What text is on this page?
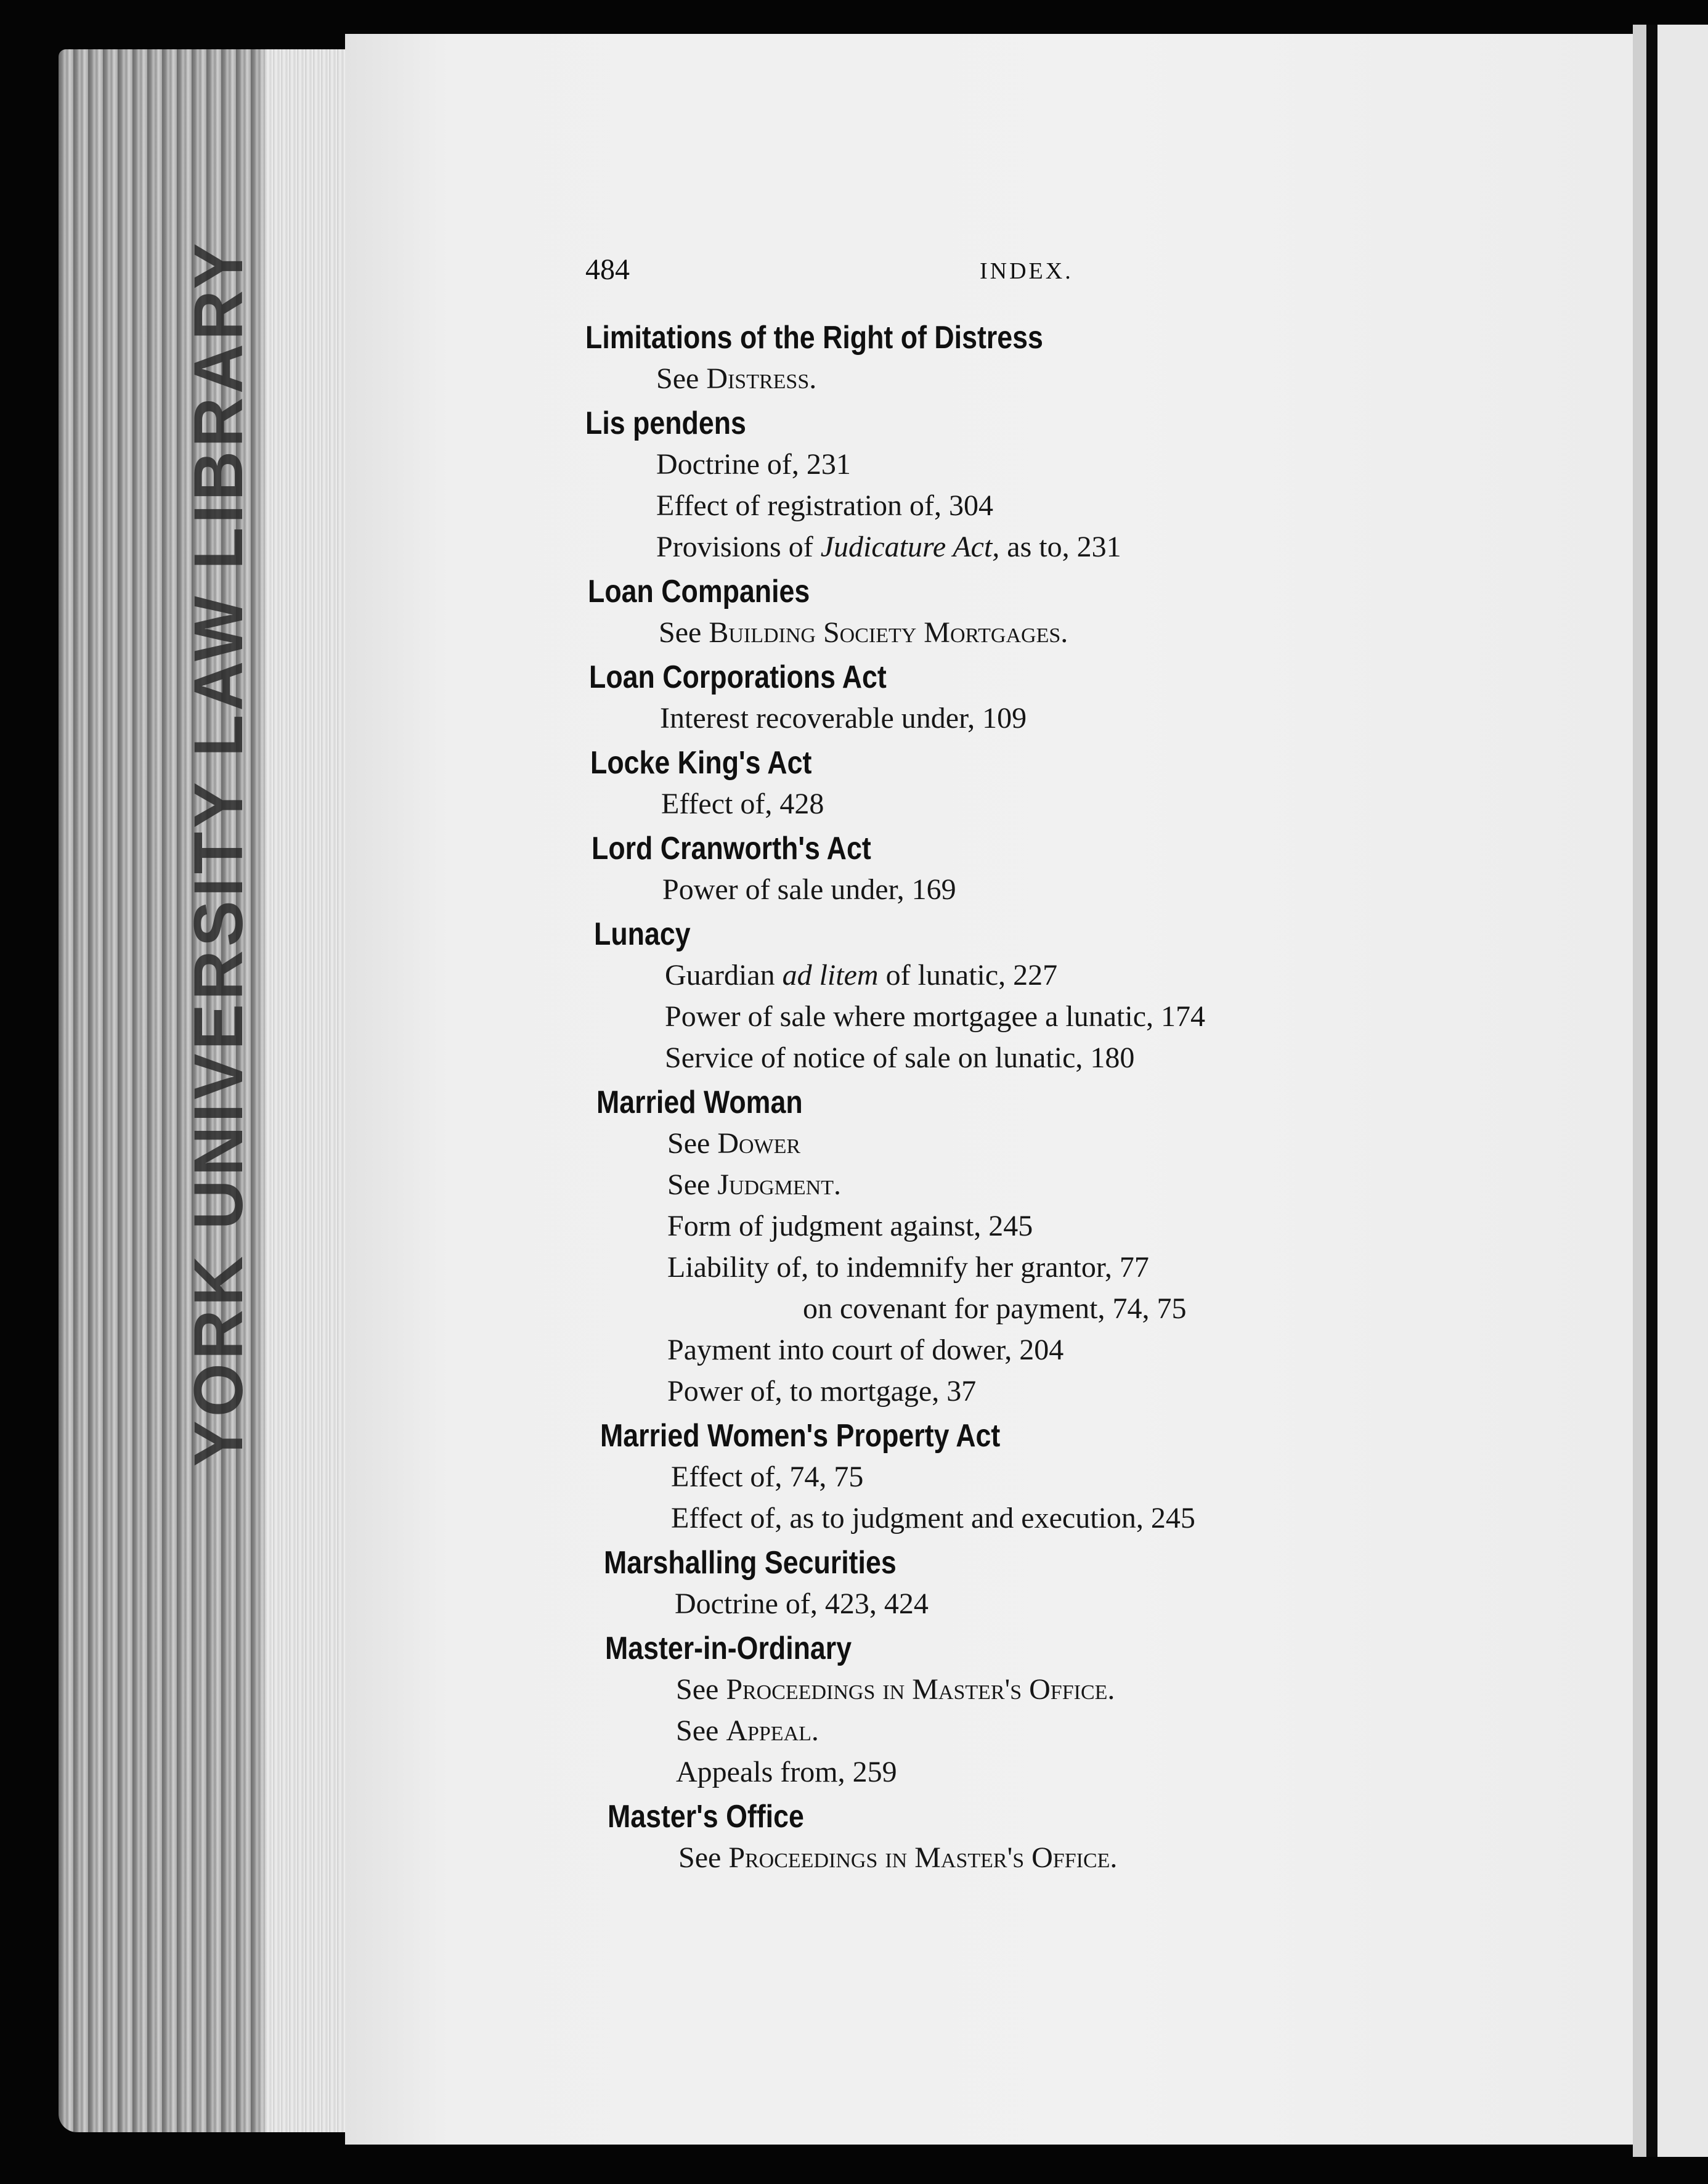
YORK UNIVERSITY LAW LIBRARY	484	INDEX.
Limitations of the Right of Distress
See Distress.
Lis pendens
Doctrine of, 231
Effect of registration of, 304
Provisions of Judicature Act, as to, 231
Loan Companies
See Building Society Mortgages.
Loan Corporations Act
Interest recoverable under, 109
Locke King's Act
Effect of, 428
Lord Cranworth's Act
Power of sale under, 169
Lunacy
Guardian ad litem of lunatic, 227
Power of sale where mortgagee a lunatic, 174
Service of notice of sale on lunatic, 180
Married Woman
See Dower
See Judgment.
Form of judgment against, 245
Liability of, to indemnify her grantor, 77
on covenant for payment, 74, 75
Payment into court of dower, 204
Power of, to mortgage, 37
Married Women's Property Act
Effect of, 74, 75
Effect of, as to judgment and execution, 245
Marshalling Securities
Doctrine of, 423, 424
Master-in-Ordinary
See Proceedings in Master's Office.
See Appeal.
Appeals from, 259
Master's Office
See Proceedings in Master's Office.
